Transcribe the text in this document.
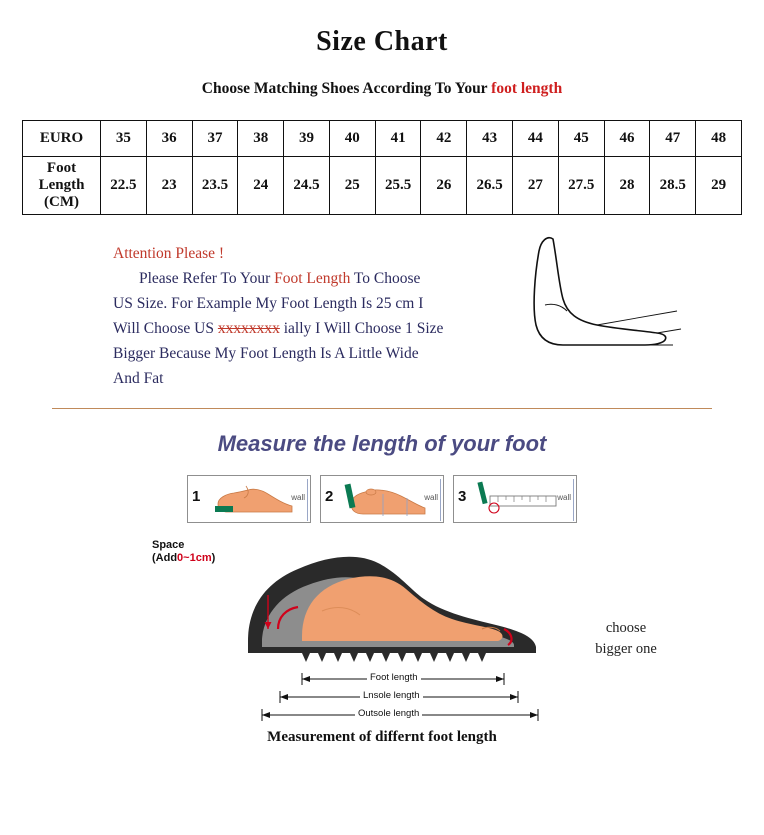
Size Chart
Choose Matching Shoes According To Your foot length
EURO	35	36	37	38	39	40	41	42	43	44	45	46	47	48

Foot
Length
(CM)	22.5	23	23.5	24	24.5	25	25.5	26	26.5	27	27.5	28	28.5	29
Attention Please !
Please Refer To Your Foot Length To Choose
US Size. For Example My Foot Length Is 25 cm I
Will Choose US xxxxxxxx ially I Will Choose 1 Size
Bigger Because My Foot Length Is A Little Wide
And Fat
choose
bigger one
Measure the length of your foot
1	wall 2	wall 3	wall
Space
(Add0~1cm)
Foot length
Lnsole length
Outsole length
Measurement of differnt foot length
